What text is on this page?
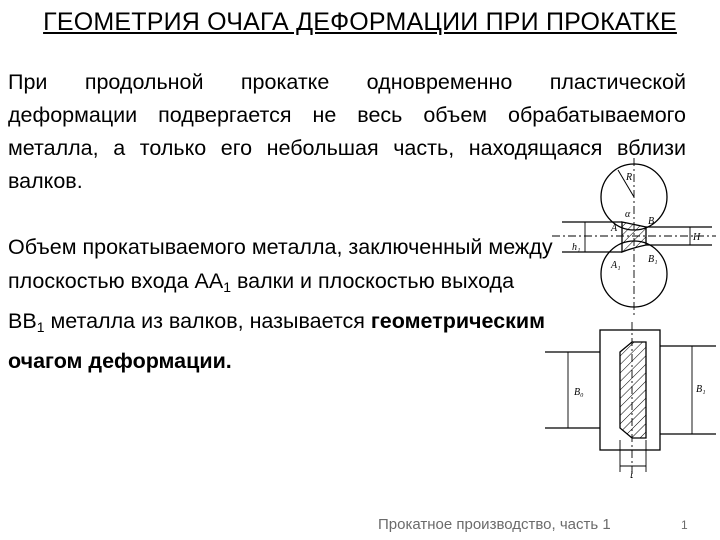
ГЕОМЕТРИЯ ОЧАГА ДЕФОРМАЦИИ ПРИ ПРОКАТКЕ
При продольной прокатке одновременно пластической деформации подвергается не весь объем обрабатываемого металла, а только его небольшая часть, находящаяся вблизи валков.
Объем прокатываемого металла, заключенный между плоскостью входа $AA_1$ валки и плоскостью выхода $BB_1$ металла из валков, называется геометрическим очагом деформации.
R
α
A
A₁
B
B₁
H
h₁
B₀	B₁
l
Прокатное производство, часть 1	1
